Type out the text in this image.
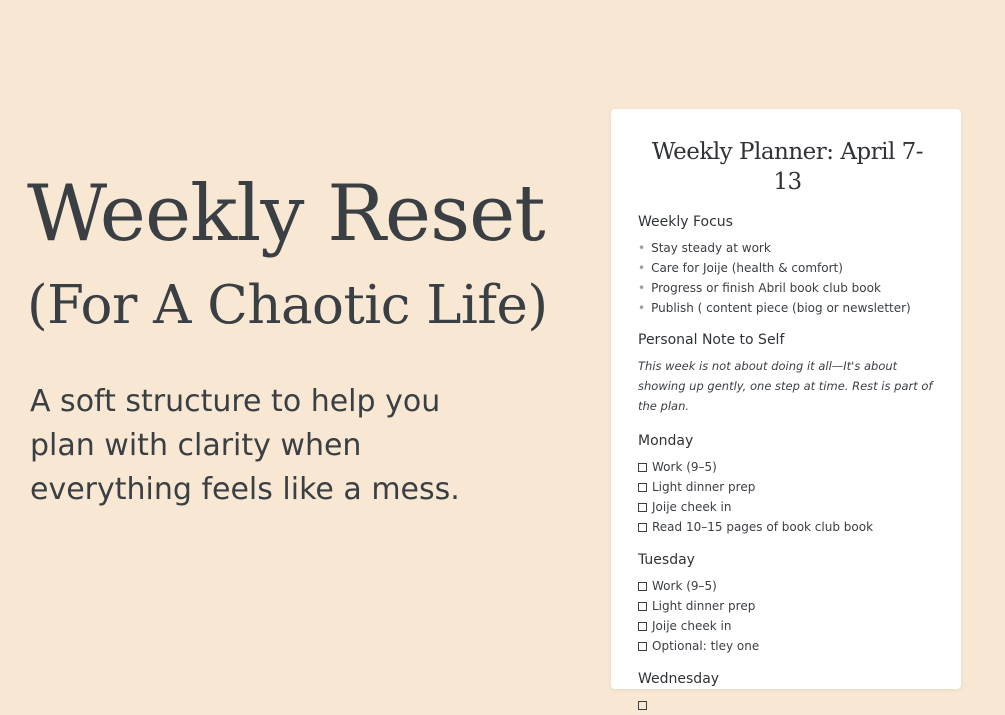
Weekly Reset
(For A Chaotic Life)

A soft structure to help you plan with clarity when everything feels like a mess.

Weekly Planner: April 7-13
Weekly Focus
• Stay steady at work
• Care for Joije (health & comfort)
• Progress or finish Abril book club book
• Publish ( content piece (biog or newsletter)
Personal Note to Self

This week is not about doing it all—It's about showing up gently, one step at time. Rest is part of the plan.

Monday
Work (9–5)
Light dinner prep
Joije cheek in
Read 10–15 pages of book club book
Tuesday
Work (9–5)
Light dinner prep
Joije cheek in
Optional: tley one
Wednesday
